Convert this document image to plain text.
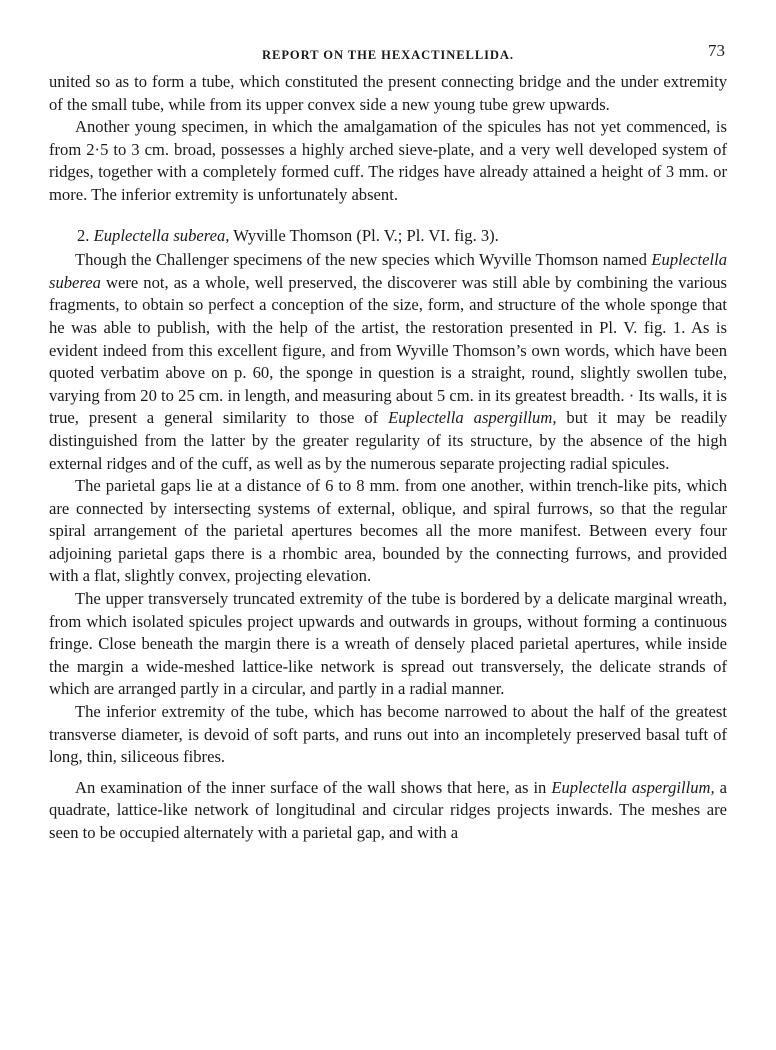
REPORT ON THE HEXACTINELLIDA.	73

united so as to form a tube, which constituted the present connecting bridge and the under extremity of the small tube, while from its upper convex side a new young tube grew upwards.

Another young specimen, in which the amalgamation of the spicules has not yet commenced, is from 2·5 to 3 cm. broad, possesses a highly arched sieve-plate, and a very well developed system of ridges, together with a completely formed cuff. The ridges have already attained a height of 3 mm. or more. The inferior extremity is unfortunately absent.

2. Euplectella suberea, Wyville Thomson (Pl. V.; Pl. VI. fig. 3).

Though the Challenger specimens of the new species which Wyville Thomson named Euplectella suberea were not, as a whole, well preserved, the discoverer was still able by combining the various fragments, to obtain so perfect a conception of the size, form, and structure of the whole sponge that he was able to publish, with the help of the artist, the restoration presented in Pl. V. fig. 1. As is evident indeed from this excellent figure, and from Wyville Thomson’s own words, which have been quoted verbatim above on p. 60, the sponge in question is a straight, round, slightly swollen tube, varying from 20 to 25 cm. in length, and measuring about 5 cm. in its greatest breadth. · Its walls, it is true, present a general similarity to those of Euplectella aspergillum, but it may be readily distinguished from the latter by the greater regularity of its structure, by the absence of the high external ridges and of the cuff, as well as by the numerous separate projecting radial spicules.

The parietal gaps lie at a distance of 6 to 8 mm. from one another, within trench-like pits, which are connected by intersecting systems of external, oblique, and spiral furrows, so that the regular spiral arrangement of the parietal apertures becomes all the more manifest. Between every four adjoining parietal gaps there is a rhombic area, bounded by the connecting furrows, and provided with a flat, slightly convex, projecting elevation.

The upper transversely truncated extremity of the tube is bordered by a delicate marginal wreath, from which isolated spicules project upwards and outwards in groups, without forming a continuous fringe. Close beneath the margin there is a wreath of densely placed parietal apertures, while inside the margin a wide-meshed lattice-like network is spread out transversely, the delicate strands of which are arranged partly in a circular, and partly in a radial manner.

The inferior extremity of the tube, which has become narrowed to about the half of the greatest transverse diameter, is devoid of soft parts, and runs out into an incompletely preserved basal tuft of long, thin, siliceous fibres.

An examination of the inner surface of the wall shows that here, as in Euplectella aspergillum, a quadrate, lattice-like network of longitudinal and circular ridges projects inwards. The meshes are seen to be occupied alternately with a parietal gap, and with a
